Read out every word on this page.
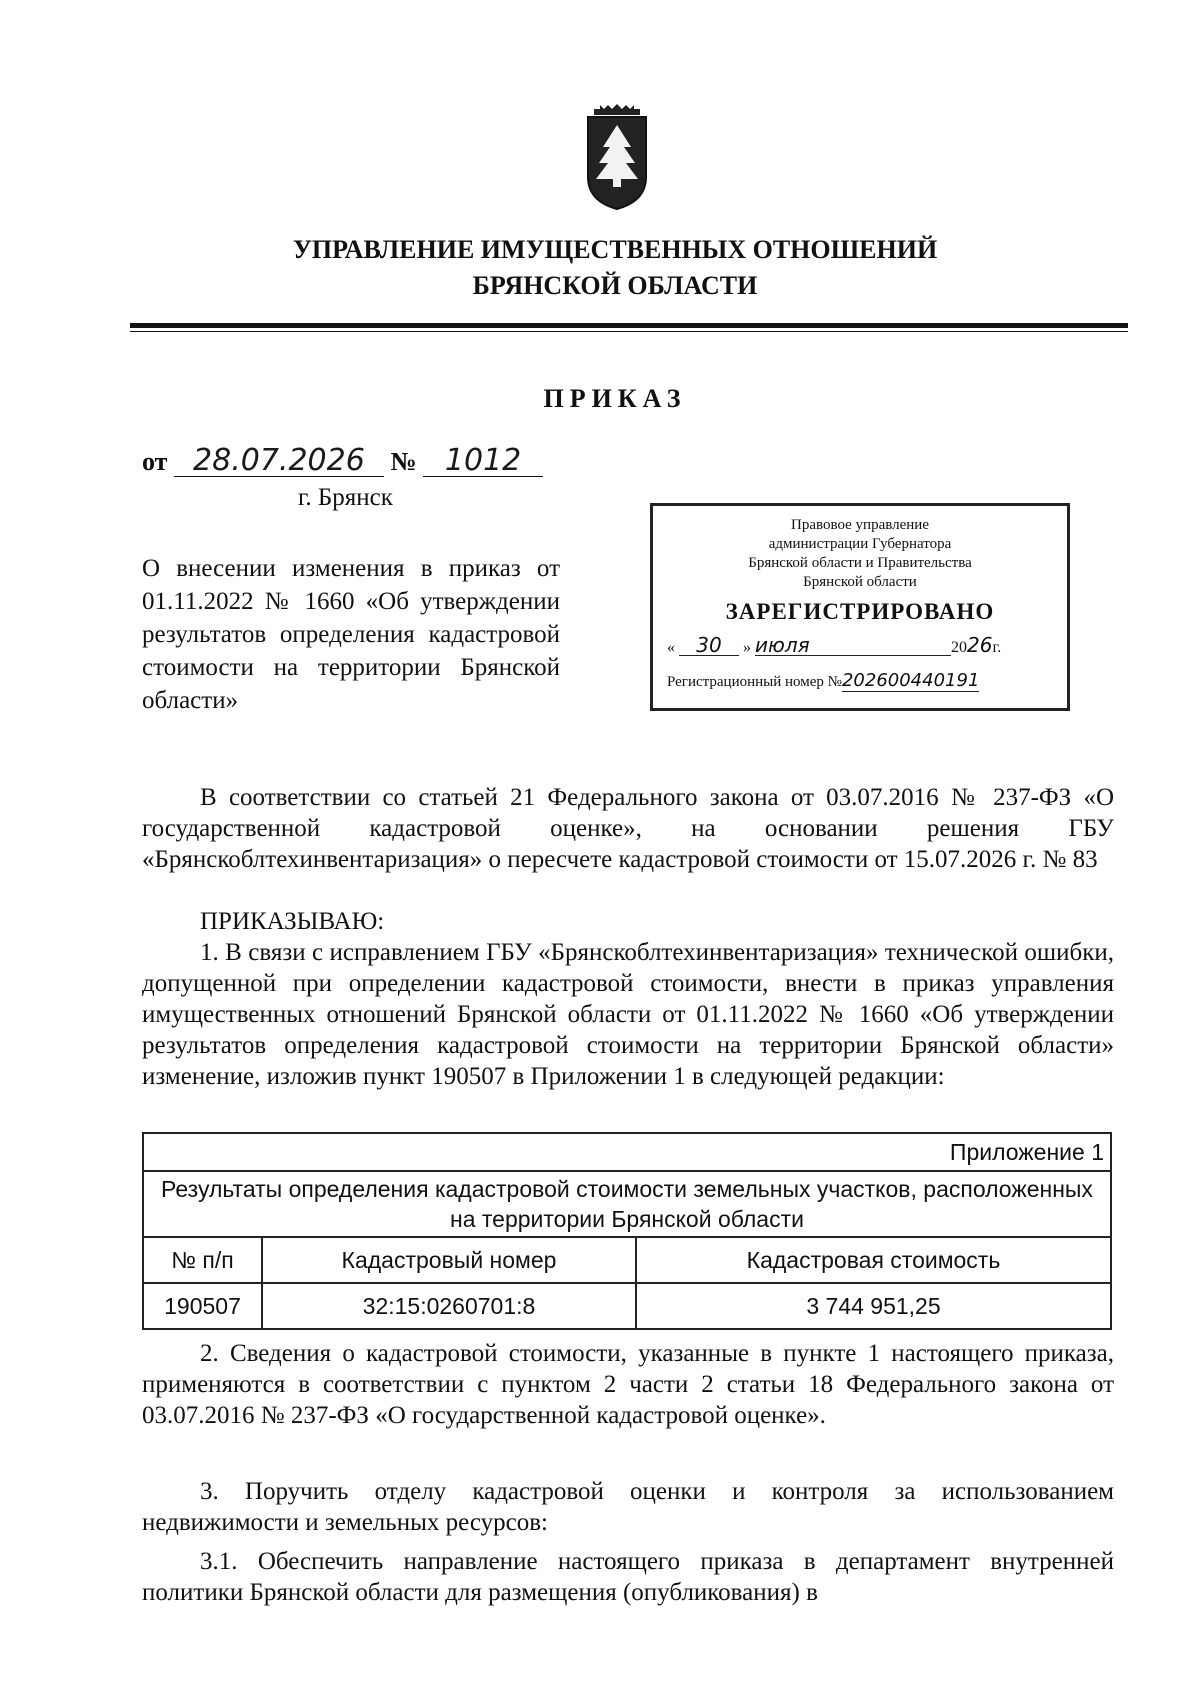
УПРАВЛЕНИЕ ИМУЩЕСТВЕННЫХ ОТНОШЕНИЙ
БРЯНСКОЙ ОБЛАСТИ
ПРИКАЗ
от 28.07.2026 № 1012
г. Брянск
О внесении изменения в приказ от 01.11.2022 № 1660 «Об утверждении результатов определения кадастровой стоимости на территории Брянской области»
Правовое управление
администрации Губернатора
Брянской области и Правительства
Брянской области
ЗАРЕГИСТРИРОВАНО
« 30 » июля	2026г.
Регистрационный номер №202600440191
В соответствии со статьей 21 Федерального закона от 03.07.2016 № 237-ФЗ «О государственной кадастровой оценке», на основании решения ГБУ «Брянскоблтехинвентаризация» о пересчете кадастровой стоимости от 15.07.2026 г. № 83
ПРИКАЗЫВАЮ:
1. В связи с исправлением ГБУ «Брянскоблтехинвентаризация» технической ошибки, допущенной при определении кадастровой стоимости, внести в приказ управления имущественных отношений Брянской области от 01.11.2022 № 1660 «Об утверждении результатов определения кадастровой стоимости на территории Брянской области» изменение, изложив пункт 190507 в Приложении 1 в следующей редакции:
Приложение 1		
Результаты определения кадастровой стоимости земельных участков, расположенных на территории Брянской области		
№ п/п	Кадастровый номер	Кадастровая стоимость
190507	32:15:0260701:8	3 744 951,25
2. Сведения о кадастровой стоимости, указанные в пункте 1 настоящего приказа, применяются в соответствии с пунктом 2 части 2 статьи 18 Федерального закона от 03.07.2016 № 237-ФЗ «О государственной кадастровой оценке».
3. Поручить отделу кадастровой оценки и контроля за использованием недвижимости и земельных ресурсов:
3.1. Обеспечить направление настоящего приказа в департамент внутренней политики Брянской области для размещения (опубликования) в
